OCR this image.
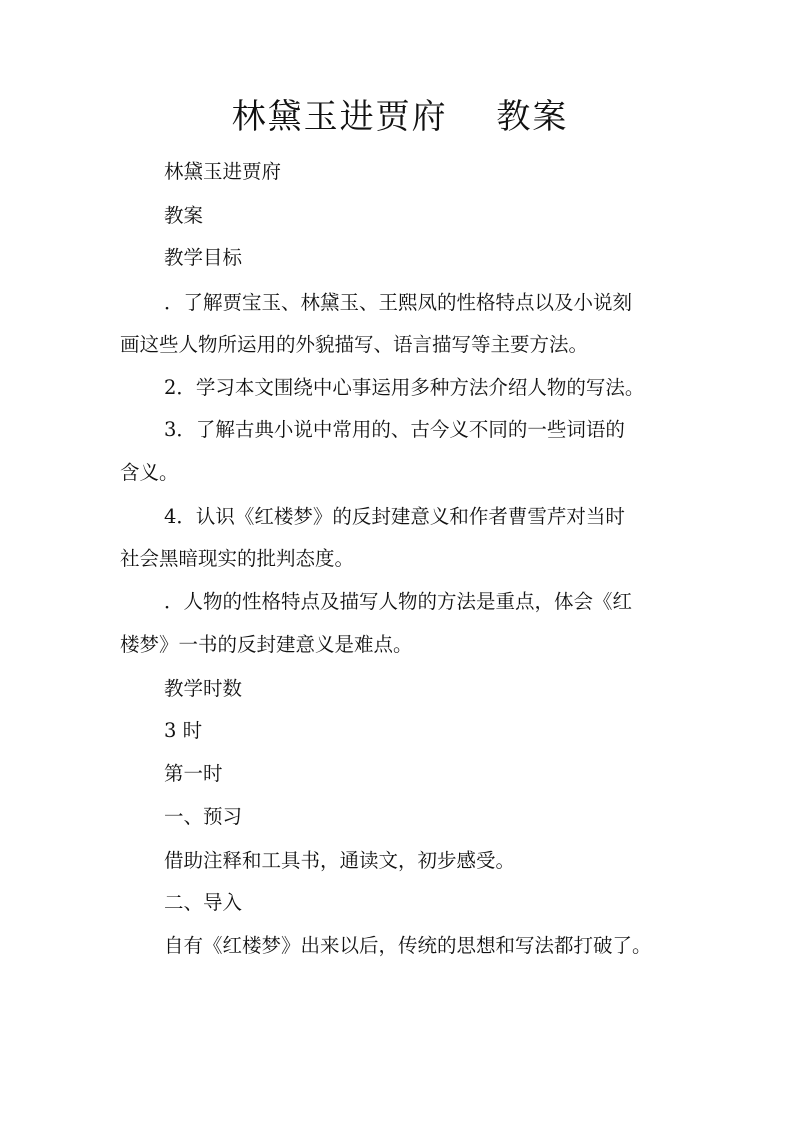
林黛玉进贾府　 教案
林黛玉进贾府
教案
教学目标
．了解贾宝玉、林黛玉、王熙凤的性格特点以及小说刻
画这些人物所运用的外貌描写、语言描写等主要方法。
2．学习本文围绕中心事运用多种方法介绍人物的写法。
3．了解古典小说中常用的、古今义不同的一些词语的
含义。
4．认识《红楼梦》的反封建意义和作者曹雪芹对当时
社会黑暗现实的批判态度。
．人物的性格特点及描写人物的方法是重点，体会《红
楼梦》一书的反封建意义是难点。
教学时数
3 时
第一时
一、预习
借助注释和工具书，通读文，初步感受。
二、导入
自有《红楼梦》出来以后，传统的思想和写法都打破了。
